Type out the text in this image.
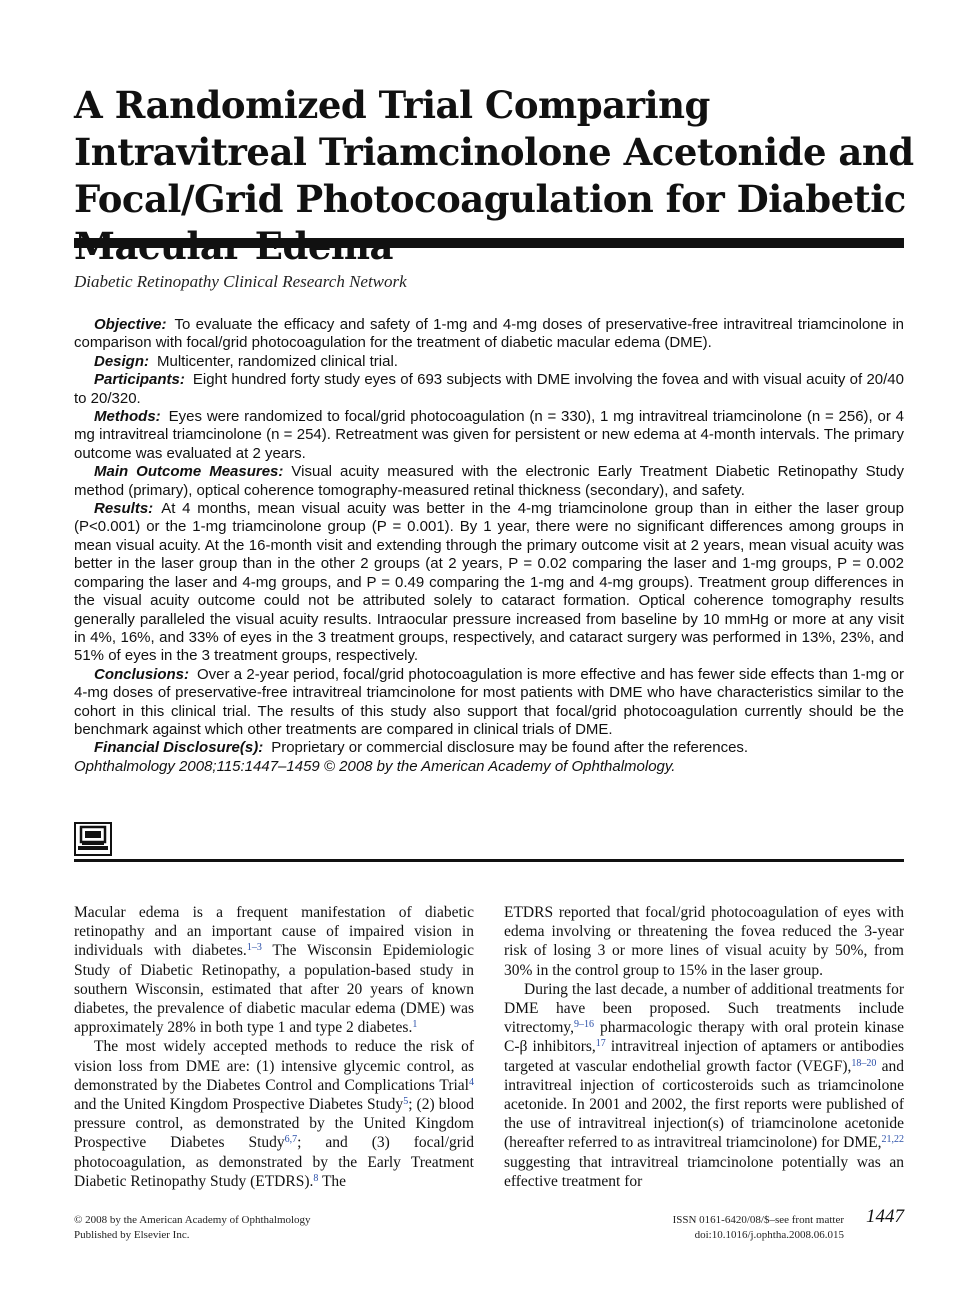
A Randomized Trial Comparing Intravitreal Triamcinolone Acetonide and Focal/Grid Photocoagulation for Diabetic
Diabetic Retinopathy Clinical Research Network

Objective: To evaluate the efficacy and safety of 1-mg and 4-mg doses of preservative-free intravitreal triamcinolone in comparison with focal/grid photocoagulation for the treatment of diabetic macular edema (DME).

Design: Multicenter, randomized clinical trial.

Participants: Eight hundred forty study eyes of 693 subjects with DME involving the fovea and with visual acuity of 20/40 to 20/320.

Methods: Eyes were randomized to focal/grid photocoagulation (n = 330), 1 mg intravitreal triamcinolone (n = 256), or 4 mg intravitreal triamcinolone (n = 254). Retreatment was given for persistent or new edema at 4-month intervals. The primary outcome was evaluated at 2 years.

Main Outcome Measures: Visual acuity measured with the electronic Early Treatment Diabetic Retinopathy Study method (primary), optical coherence tomography-measured retinal thickness (secondary), and safety.

Results: At 4 months, mean visual acuity was better in the 4-mg triamcinolone group than in either the laser group (P<0.001) or the 1-mg triamcinolone group (P = 0.001). By 1 year, there were no significant differences among groups in mean visual acuity. At the 16-month visit and extending through the primary outcome visit at 2 years, mean visual acuity was better in the laser group than in the other 2 groups (at 2 years, P = 0.02 comparing the laser and 1-mg groups, P = 0.002 comparing the laser and 4-mg groups, and P = 0.49 comparing the 1-mg and 4-mg groups). Treatment group differences in the visual acuity outcome could not be attributed solely to cataract formation. Optical coherence tomography results generally paralleled the visual acuity results. Intraocular pressure increased from baseline by 10 mmHg or more at any visit in 4%, 16%, and 33% of eyes in the 3 treatment groups, respectively, and cataract surgery was performed in 13%, 23%, and 51% of eyes in the 3 treatment groups, respectively.

Conclusions: Over a 2-year period, focal/grid photocoagulation is more effective and has fewer side effects than 1-mg or 4-mg doses of preservative-free intravitreal triamcinolone for most patients with DME who have characteristics similar to the cohort in this clinical trial. The results of this study also support that focal/grid photocoagulation currently should be the benchmark against which other treatments are compared in clinical trials of DME.

Financial Disclosure(s): Proprietary or commercial disclosure may be found after the references.

Ophthalmology 2008;115:1447–1459 © 2008 by the American Academy of Ophthalmology.

Macular edema is a frequent manifestation of diabetic retinopathy and an important cause of impaired vision in individuals with diabetes.$^{1-3}$ The Wisconsin Epidemiologic Study of Diabetic Retinopathy, a population-based study in southern Wisconsin, estimated that after 20 years of known diabetes, the prevalence of diabetic macular edema (DME) was approximately 28% in both type 1 and type 2 diabetes.$^1$

The most widely accepted methods to reduce the risk of vision loss from DME are: (1) intensive glycemic control, as demonstrated by the Diabetes Control and Complications Trial$^4$ and the United Kingdom Prospective Diabetes Study$^5$; (2) blood pressure control, as demonstrated by the United Kingdom Prospective Diabetes Study$^{6,7}$; and (3) focal/grid photocoagulation, as demonstrated by the Early Treatment Diabetic Retinopathy Study (ETDRS).$^8$ The

ETDRS reported that focal/grid photocoagulation of eyes with edema involving or threatening the fovea reduced the 3-year risk of losing 3 or more lines of visual acuity by 50%, from 30% in the control group to 15% in the laser group.

During the last decade, a number of additional treatments for DME have been proposed. Such treatments include vitrectomy,$^{9-16}$ pharmacologic therapy with oral protein kinase C-β inhibitors,$^{17}$ intravitreal injection of aptamers or antibodies targeted at vascular endothelial growth factor (VEGF),$^{18-20}$ and intravitreal injection of corticosteroids such as triamcinolone acetonide. In 2001 and 2002, the first reports were published of the use of intravitreal injection(s) of triamcinolone acetonide (hereafter referred to as intravitreal triamcinolone) for DME,$^{21,22}$ suggesting that intravitreal triamcinolone potentially was an effective treatment for

© 2008 by the American Academy of Ophthalmology
Published by Elsevier Inc.
ISSN 0161-6420/08/$–see front matter
doi:10.1016/j.ophtha.2008.06.015
1447
